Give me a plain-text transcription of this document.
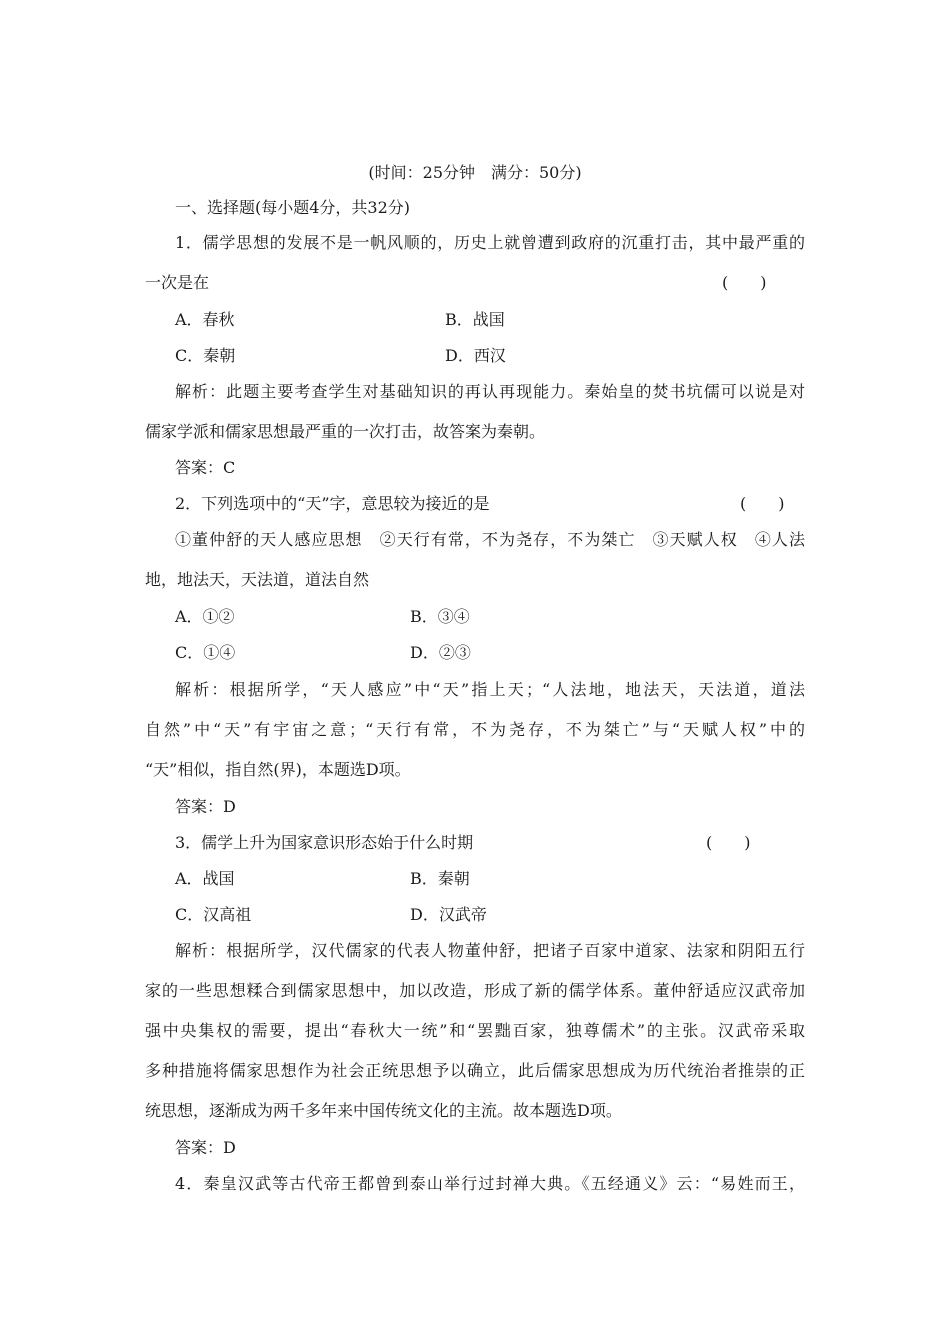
(时间：25分钟　满分：50分)
一、选择题(每小题4分，共32分)
1．儒学思想的发展不是一帆风顺的，历史上就曾遭到政府的沉重打击，其中最严重的
一次是在	(　　)
A．春秋	B．战国
C．秦朝	D．西汉
解析：此题主要考查学生对基础知识的再认再现能力。秦始皇的焚书坑儒可以说是对
儒家学派和儒家思想最严重的一次打击，故答案为秦朝。
答案：C
2．下列选项中的“天”字，意思较为接近的是	(　　)
①董仲舒的天人感应思想　②天行有常，不为尧存，不为桀亡　③天赋人权　④人法
地，地法天，天法道，道法自然
A．①②	B．③④
C．①④	D．②③
解析：根据所学，“天人感应”中“天”指上天；“人法地，地法天，天法道，道法
自然”中“天”有宇宙之意；“天行有常，不为尧存，不为桀亡”与“天赋人权”中的
“天”相似，指自然(界)，本题选D项。
答案：D
3．儒学上升为国家意识形态始于什么时期	(　　)
A．战国	B．秦朝
C．汉高祖	D．汉武帝
解析：根据所学，汉代儒家的代表人物董仲舒，把诸子百家中道家、法家和阴阳五行
家的一些思想糅合到儒家思想中，加以改造，形成了新的儒学体系。董仲舒适应汉武帝加
强中央集权的需要，提出“春秋大一统”和“罢黜百家，独尊儒术”的主张。汉武帝采取
多种措施将儒家思想作为社会正统思想予以确立，此后儒家思想成为历代统治者推崇的正
统思想，逐渐成为两千多年来中国传统文化的主流。故本题选D项。
答案：D
4．秦皇汉武等古代帝王都曾到泰山举行过封禅大典。《五经通义》云：“易姓而王，
